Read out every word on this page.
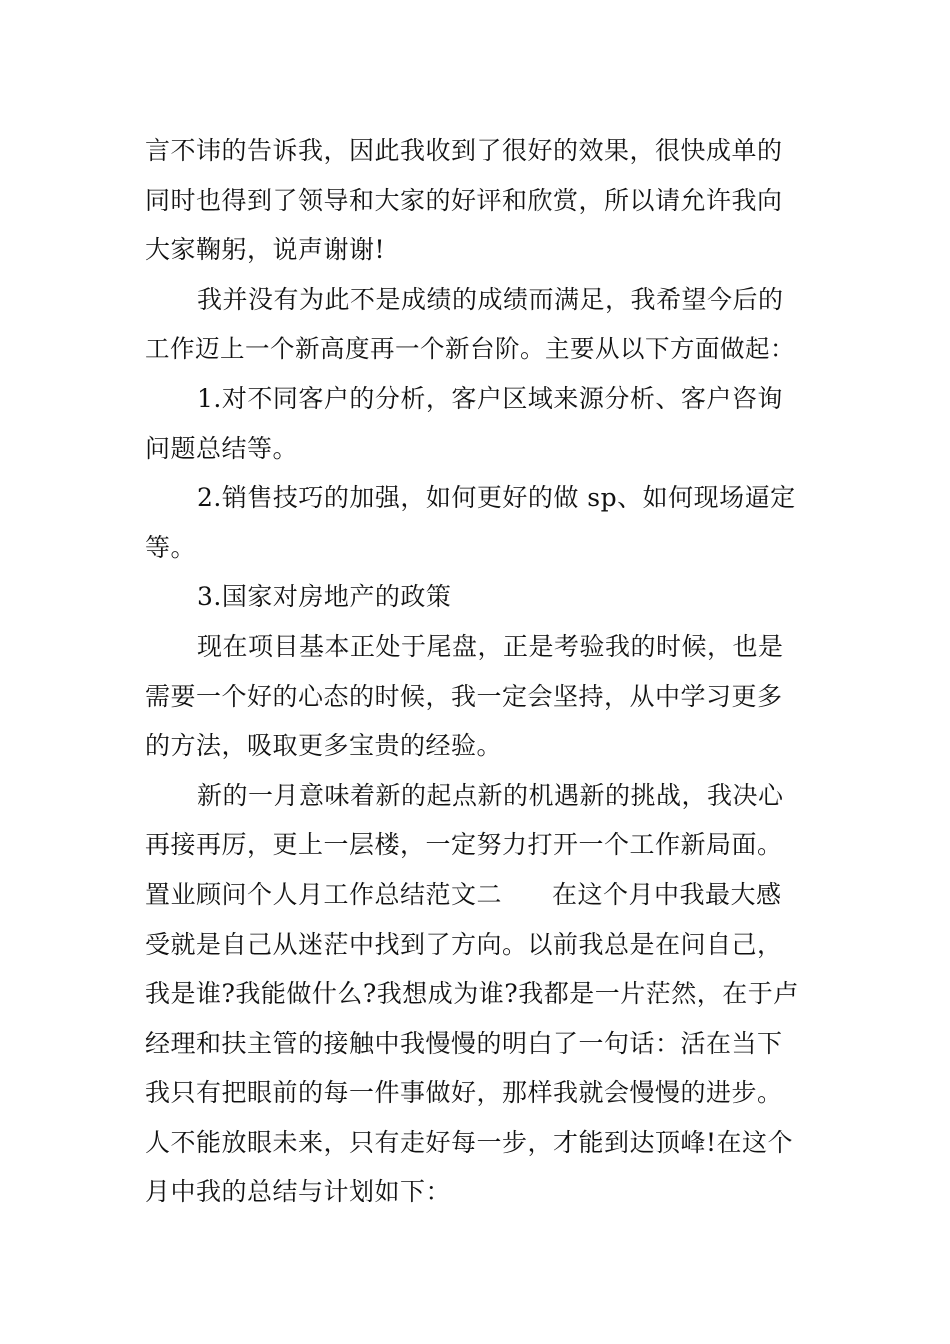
言不讳的告诉我，因此我收到了很好的效果，很快成单的
同时也得到了领导和大家的好评和欣赏，所以请允许我向
大家鞠躬，说声谢谢!

我并没有为此不是成绩的成绩而满足，我希望今后的
工作迈上一个新高度再一个新台阶。主要从以下方面做起：

1.对不同客户的分析，客户区域来源分析、客户咨询
问题总结等。

2.销售技巧的加强，如何更好的做 sp、如何现场逼定
等。

3.国家对房地产的政策

现在项目基本正处于尾盘，正是考验我的时候，也是
需要一个好的心态的时候，我一定会坚持，从中学习更多
的方法，吸取更多宝贵的经验。

新的一月意味着新的起点新的机遇新的挑战，我决心
再接再厉，更上一层楼，一定努力打开一个工作新局面。

置业顾问个人月工作总结范文二 在这个月中我最大感
受就是自己从迷茫中找到了方向。以前我总是在问自己，
我是谁?我能做什么?我想成为谁?我都是一片茫然，在于卢
经理和扶主管的接触中我慢慢的明白了一句话：活在当下
我只有把眼前的每一件事做好，那样我就会慢慢的进步。
人不能放眼未来，只有走好每一步，才能到达顶峰!在这个
月中我的总结与计划如下：
